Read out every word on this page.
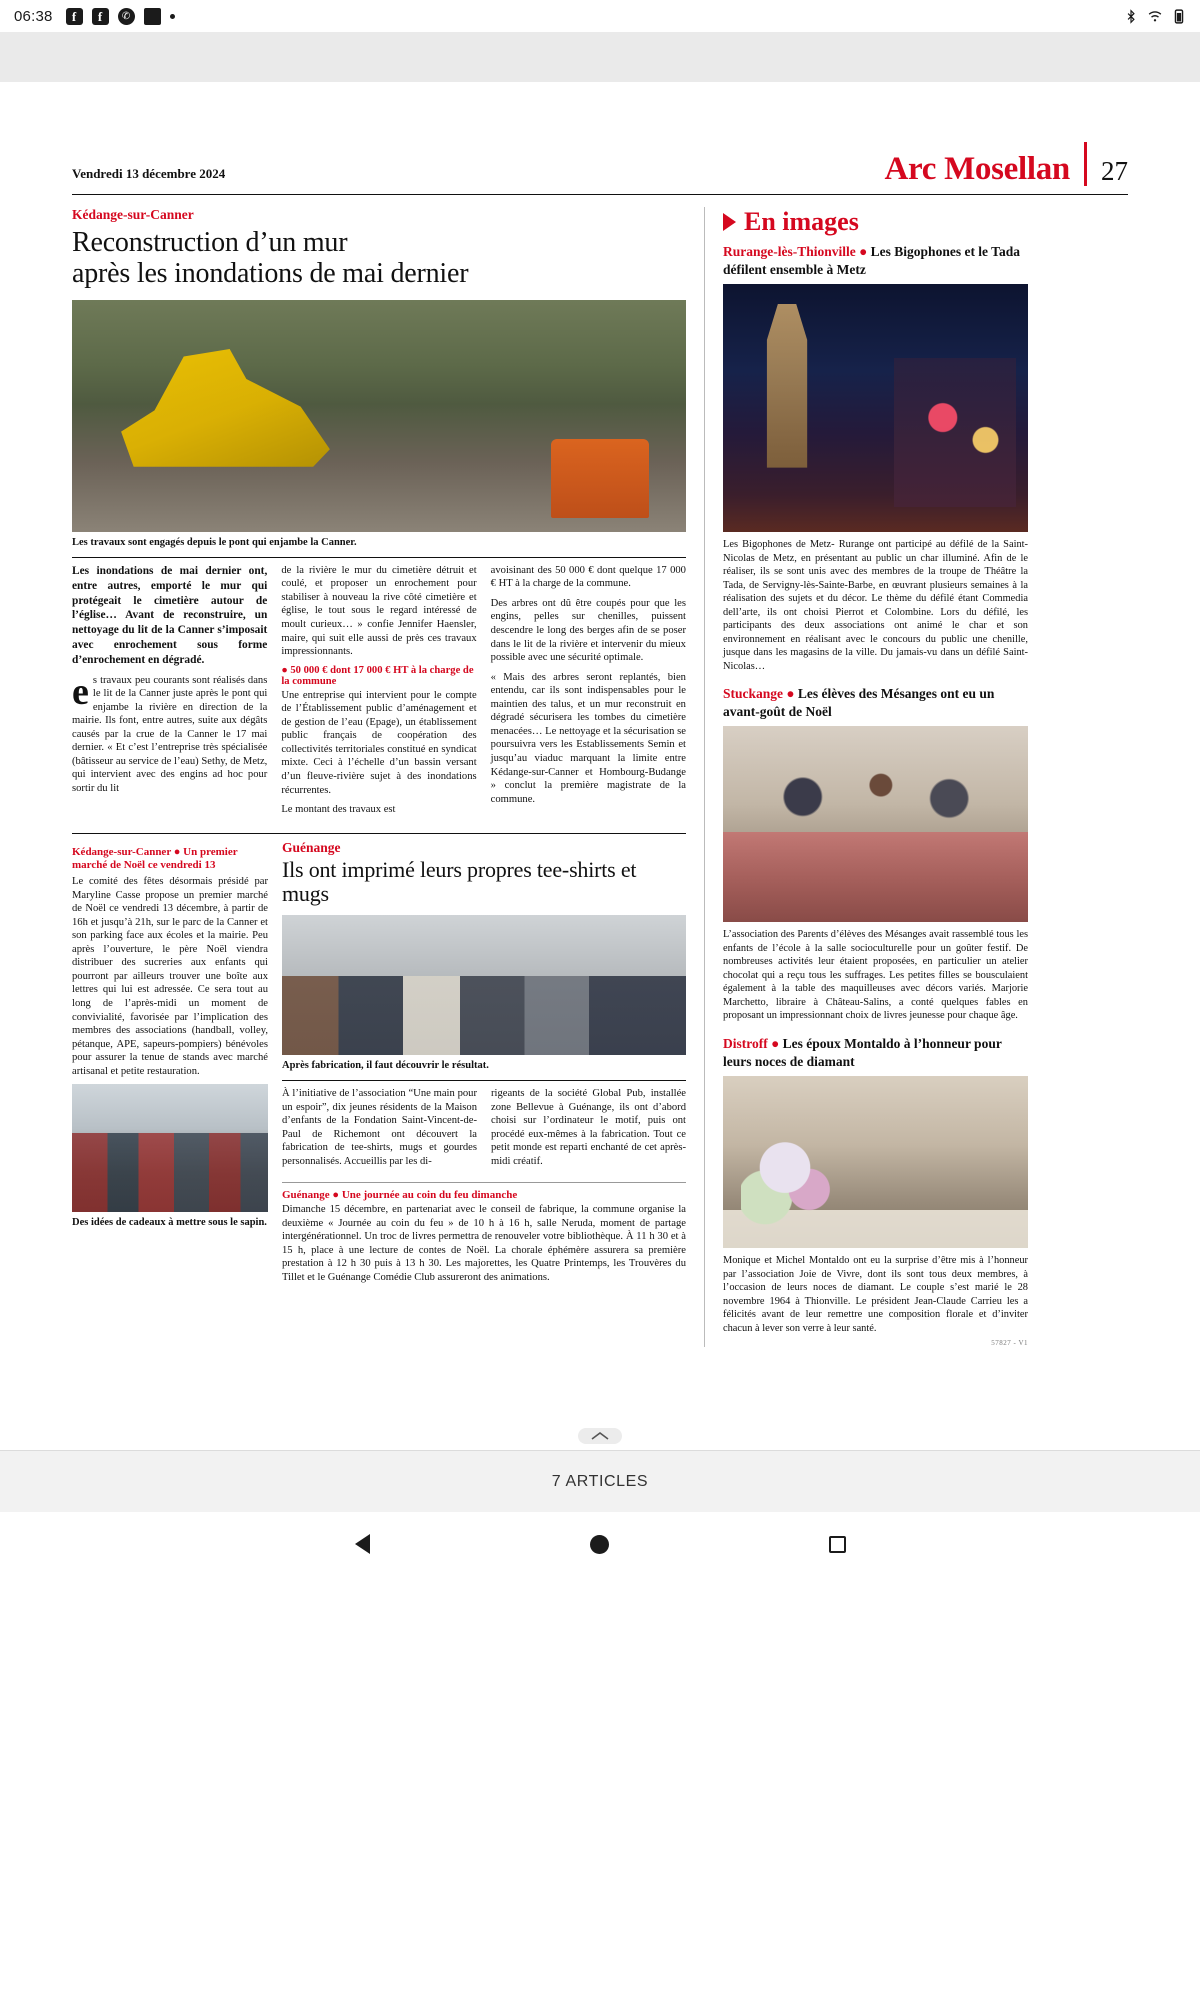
06:38	f	f	✆
Vendredi 13 décembre 2024	Arc Mosellan 27
Kédange-sur-Canner
Reconstruction d’un mur
après les inondations de mai dernier
Les travaux sont engagés depuis le pont qui enjambe la Canner.

Les inondations de mai dernier ont, entre autres, emporté le mur qui protégeait le cimetière autour de l’église… Avant de reconstruire, un nettoyage du lit de la Canner s’imposait avec enrochement sous forme d’enrochement en dégradé.

es travaux peu courants sont réalisés dans le lit de la Canner juste après le pont qui enjambe la rivière en direction de la mairie. Ils font, entre autres, suite aux dégâts causés par la crue de la Canner le 17 mai dernier. « Et c’est l’entreprise très spécialisée (bâtisseur au service de l’eau) Sethy, de Metz, qui intervient avec des engins ad hoc pour sortir du lit

de la rivière le mur du cimetière détruit et coulé, et proposer un enrochement pour stabiliser à nouveau la rive côté cimetière et église, le tout sous le regard intéressé de moult curieux… » confie Jennifer Haensler, maire, qui suit elle aussi de près ces travaux impressionnants.

● 50 000 € dont 17 000 € HT à la charge de la commune

Une entreprise qui intervient pour le compte de l’Établissement public d’aménagement et de gestion de l’eau (Epage), un établissement public français de coopération des collectivités territoriales constitué en syndicat mixte. Ceci à l’échelle d’un bassin versant d’un fleuve-rivière sujet à des inondations récurrentes.

Le montant des travaux est

avoisinant des 50 000 € dont quelque 17 000 € HT à la charge de la commune.

Des arbres ont dû être coupés pour que les engins, pelles sur chenilles, puissent descendre le long des berges afin de se poser dans le lit de la rivière et intervenir du mieux possible avec une sécurité optimale.

« Mais des arbres seront replantés, bien entendu, car ils sont indispensables pour le maintien des talus, et un mur reconstruit en dégradé sécurisera les tombes du cimetière menacées… Le nettoyage et la sécurisation se poursuivra vers les Establissements Semin et jusqu’au viaduc marquant la limite entre Kédange-sur-Canner et Hombourg-Budange » conclut la première magistrate de la commune.

Kédange-sur-Canner ● Un premier marché de Noël ce vendredi 13

Le comité des fêtes désormais présidé par Maryline Casse propose un premier marché de Noël ce vendredi 13 décembre, à partir de 16h et jusqu’à 21h, sur le parc de la Canner et son parking face aux écoles et la mairie. Peu après l’ouverture, le père Noël viendra distribuer des sucreries aux enfants qui pourront par ailleurs trouver une boîte aux lettres qui lui est adressée. Ce sera tout au long de l’après-midi un moment de convivialité, favorisée par l’implication des membres des associations (handball, volley, pétanque, APE, sapeurs-pompiers) bénévoles pour assurer la tenue de stands avec marché artisanal et petite restauration.

Des idées de cadeaux à mettre sous le sapin.
Guénange
Ils ont imprimé leurs propres tee-shirts et mugs
Après fabrication, il faut découvrir le résultat.

À l’initiative de l’association “Une main pour un espoir”, dix jeunes résidents de la Maison d’enfants de la Fondation Saint-Vincent-de-Paul de Richemont ont découvert la fabrication de tee-shirts, mugs et gourdes personnalisés. Accueillis par les di-

rigeants de la société Global Pub, installée zone Bellevue à Guénange, ils ont d’abord choisi sur l’ordinateur le motif, puis ont procédé eux-mêmes à la fabrication. Tout ce petit monde est reparti enchanté de cet après-midi créatif.

Guénange ● Une journée au coin du feu dimanche

Dimanche 15 décembre, en partenariat avec le conseil de fabrique, la commune organise la deuxième « Journée au coin du feu » de 10 h à 16 h, salle Neruda, moment de partage intergénérationnel. Un troc de livres permettra de renouveler votre bibliothèque. À 11 h 30 et à 15 h, place à une lecture de contes de Noël. La chorale éphémère assurera sa première prestation à 12 h 30 puis à 13 h 30. Les majorettes, les Quatre Printemps, les Trouvères du Tillet et le Guénange Comédie Club assureront des animations.

En images
Rurange-lès-Thionville ● Les Bigophones et le Tada défilent ensemble à Metz

Les Bigophones de Metz- Rurange ont participé au défilé de la Saint-Nicolas de Metz, en présentant au public un char illuminé. Afin de le réaliser, ils se sont unis avec des membres de la troupe de Théâtre la Tada, de Servigny-lès-Sainte-Barbe, en œuvrant plusieurs semaines à la réalisation des sujets et du décor. Le thème du défilé étant Commedia dell’arte, ils ont choisi Pierrot et Colombine. Lors du défilé, les participants des deux associations ont animé le char et son environnement en réalisant avec le concours du public une chenille, jusque dans les magasins de la ville. Du jamais-vu dans un défilé Saint-Nicolas…

Stuckange ● Les élèves des Mésanges ont eu un avant-goût de Noël

L’association des Parents d’élèves des Mésanges avait rassemblé tous les enfants de l’école à la salle socioculturelle pour un goûter festif. De nombreuses activités leur étaient proposées, en particulier un atelier chocolat qui a reçu tous les suffrages. Les petites filles se bousculaient également à la table des maquilleuses avec décors variés. Marjorie Marchetto, libraire à Château-Salins, a conté quelques fables en proposant un impressionnant choix de livres jeunesse pour chaque âge.

Distroff ● Les époux Montaldo à l’honneur pour leurs noces de diamant

Monique et Michel Montaldo ont eu la surprise d’être mis à l’honneur par l’association Joie de Vivre, dont ils sont tous deux membres, à l’occasion de leurs noces de diamant. Le couple s’est marié le 28 novembre 1964 à Thionville. Le président Jean-Claude Carrieu les a félicités avant de leur remettre une composition florale et d’inviter chacun à lever son verre à leur santé.

57827 - V1
7 ARTICLES
